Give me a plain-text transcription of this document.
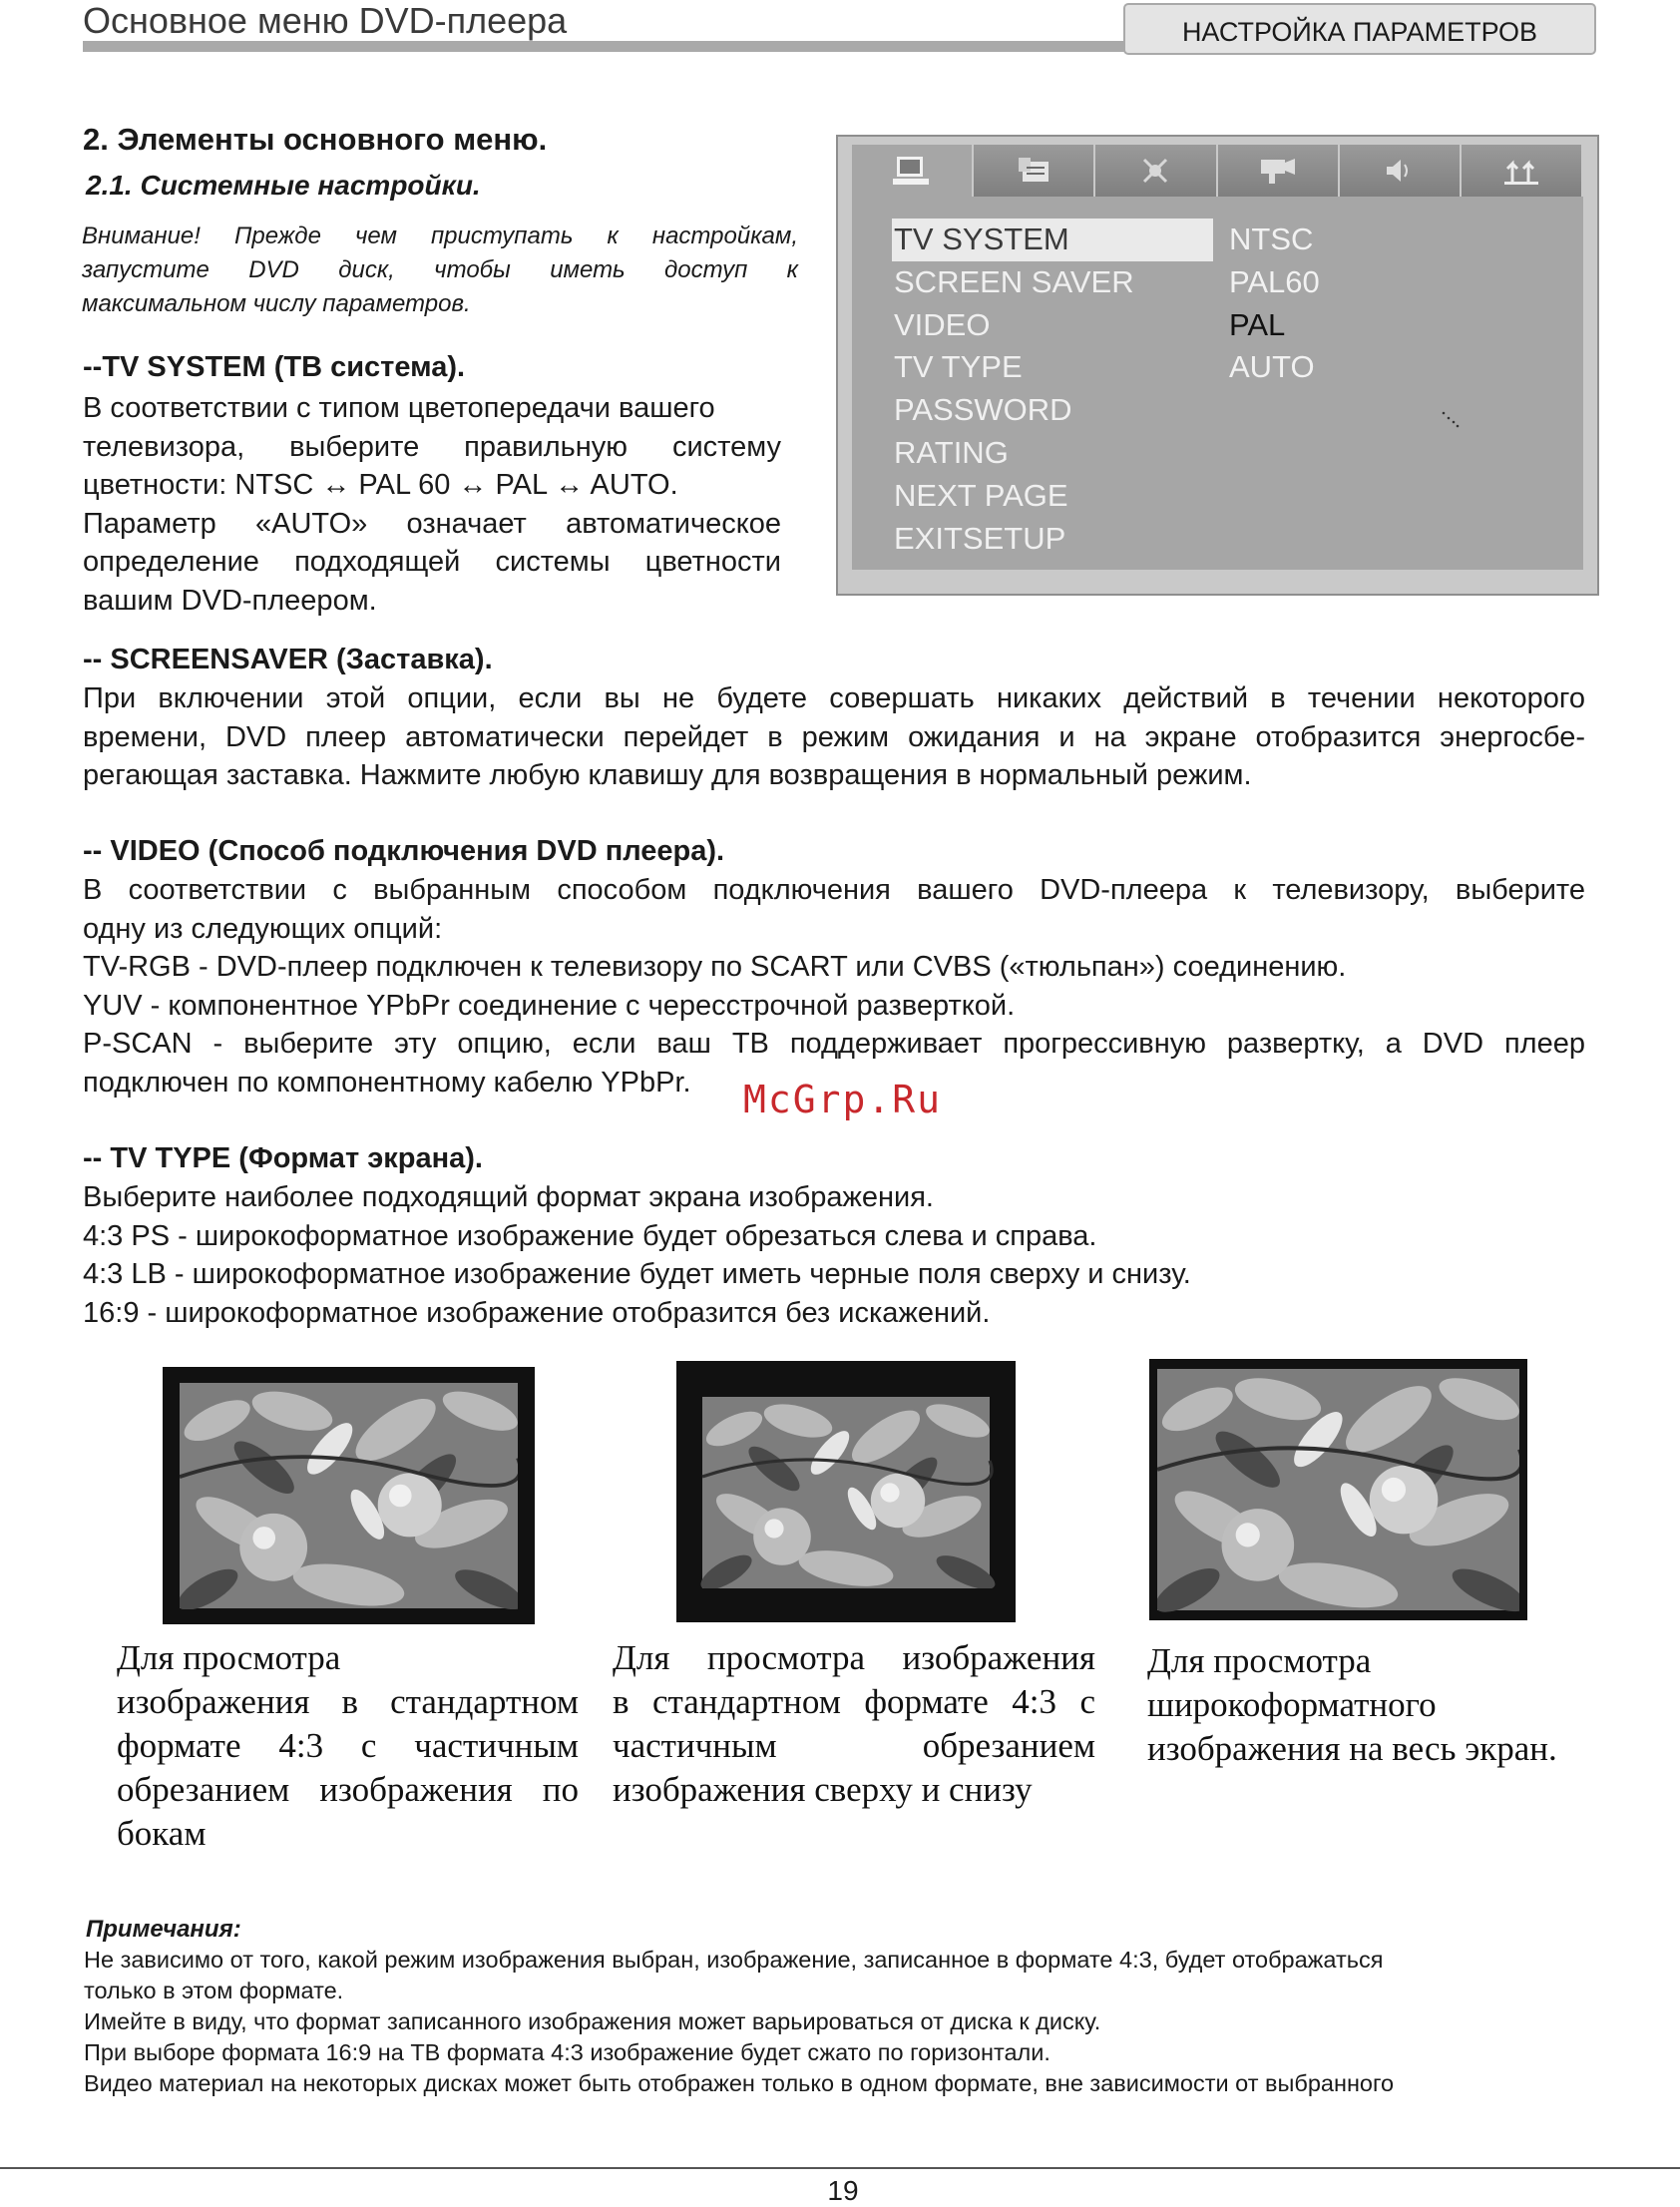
Основное меню DVD-плеера	НАСТРОЙКА ПАРАМЕТРОВ
2. Элементы основного меню.
2.1. Системные настройки.
Внимание! Прежде чем приступать к настройкам,
запустите DVD диск, чтобы иметь доступ к
максимальном числу параметров.
--TV SYSTEM (ТВ система).
В соответствии с типом цветопередачи вашего
телевизора, выберите правильную систему
цветности: NTSC ↔ PAL 60 ↔ PAL ↔ AUTO.
Параметр «AUTO» означает автоматическое
определение подходящей системы цветности
вашим DVD-плеером.
TV SYSTEM
SCREEN SAVER
VIDEO
TV TYPE
PASSWORD
RATING
NEXT PAGE
EXITSETUP
NTSC
PAL60
PAL
AUTO
-- SCREENSAVER (Заставка).
При включении этой опции, если вы не будете совершать никаких действий в течении некоторого
времени, DVD плеер автоматически перейдет в режим ожидания и на экране отобразится энергосбе-
регающая заставка. Нажмите любую клавишу для возвращения в нормальный режим.
-- VIDEO (Способ подключения DVD плеера).
В соответствии с выбранным способом подключения вашего DVD-плеера к телевизору, выберите
одну из следующих опций:
TV-RGB - DVD-плеер подключен к телевизору по SCART или CVBS («тюльпан») соединению.
YUV - компонентное YPbPr соединение с чересстрочной разверткой.
P-SCAN - выберите эту опцию, если ваш ТВ поддерживает прогрессивную развертку, а DVD плеер
подключен по компонентному кабелю YPbPr.	McGrp.Ru
-- TV TYPE (Формат экрана).
Выберите наиболее подходящий формат экрана изображения.
4:3 PS - широкоформатное изображение будет обрезаться слева и справа.
4:3 LB - широкоформатное изображение будет иметь черные поля сверху и снизу.
16:9 - широкоформатное изображение отобразится без искажений.
Для просмотра
изображения в стандартном
формате 4:3 с частичным
обрезанием изображения по
бокам
Для просмотра изображения
в стандартном формате 4:3 с
частичным обрезанием
изображения сверху и снизу
Для просмотра
широкоформатного
изображения на весь экран.
Примечания:
Не зависимо от того, какой режим изображения выбран, изображение, записанное в формате 4:3, будет отображаться
только в этом формате.
Имейте в виду, что формат записанного изображения может варьироваться от диска к диску.
При выборе формата 16:9 на ТВ формата 4:3 изображение будет сжато по горизонтали.
Видео материал на некоторых дисках может быть отображен только в одном формате, вне зависимости от выбранного
19
